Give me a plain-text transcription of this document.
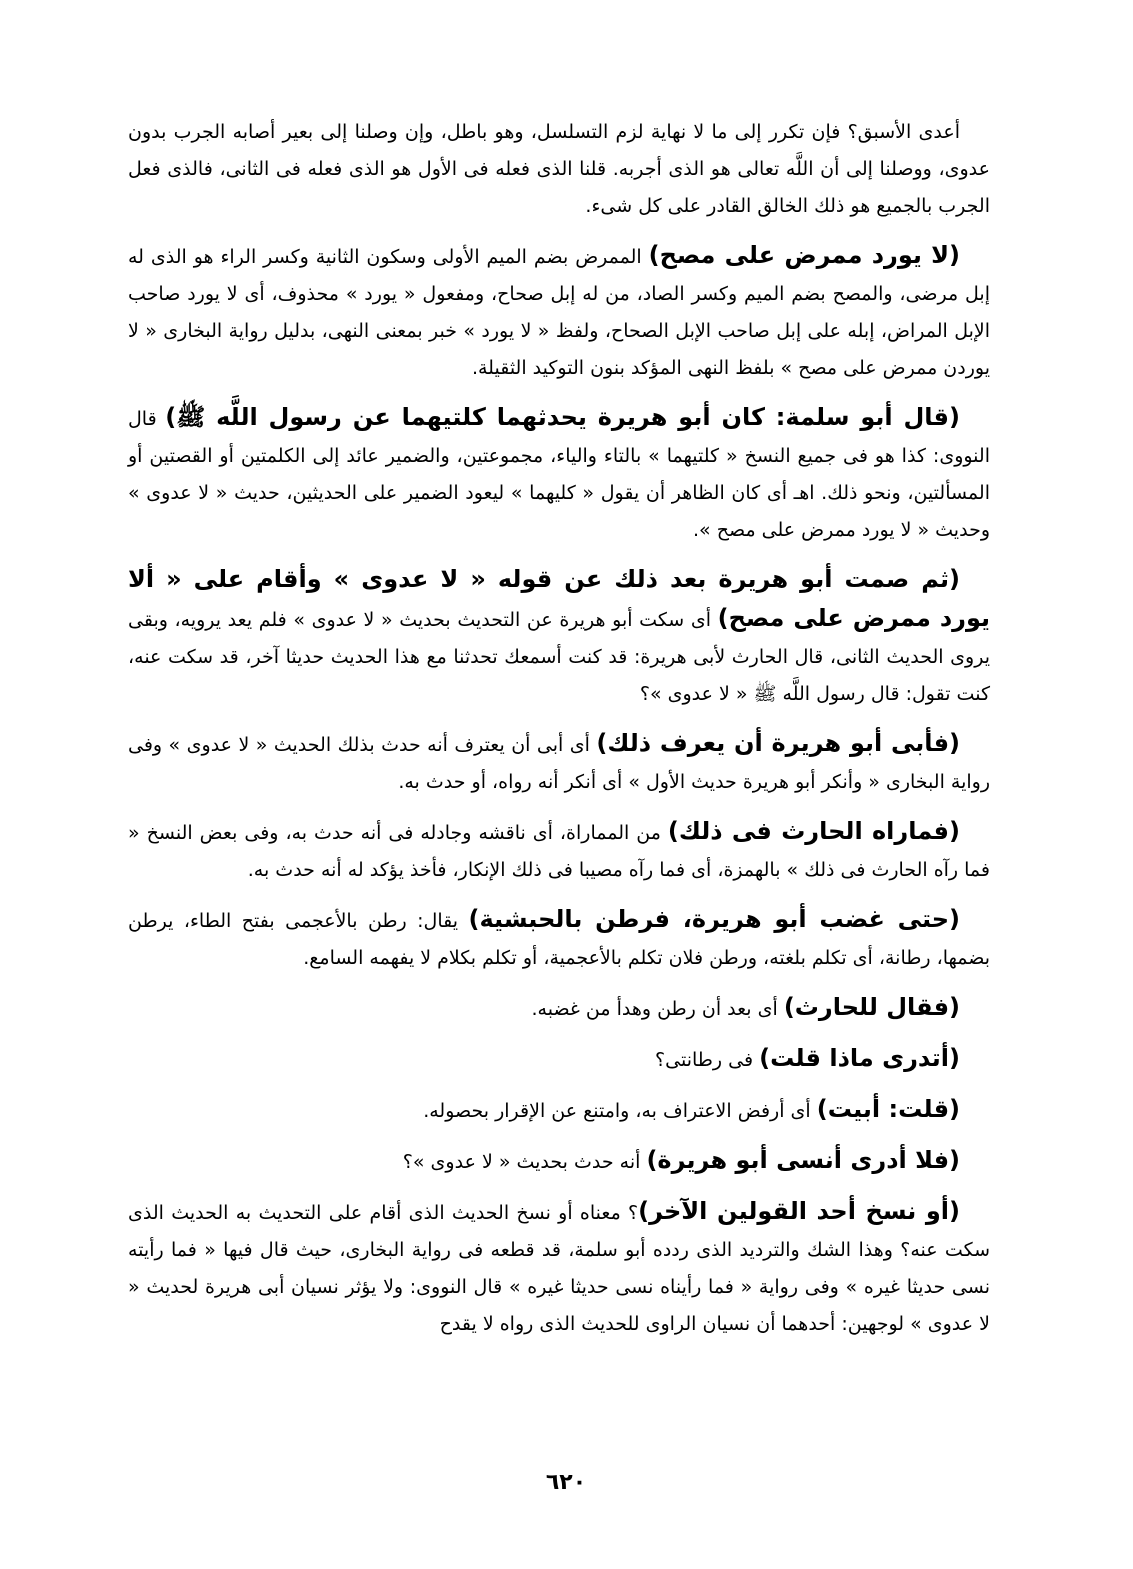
أعدى الأسبق؟ فإن تكرر إلى ما لا نهاية لزم التسلسل، وهو باطل، وإن وصلنا إلى بعير أصابه الجرب بدون عدوى، ووصلنا إلى أن اللَّه تعالى هو الذى أجربه. قلنا الذى فعله فى الأول هو الذى فعله فى الثانى، فالذى فعل الجرب بالجميع هو ذلك الخالق القادر على كل شىء.

(لا يورد ممرض على مصح) الممرض بضم الميم الأولى وسكون الثانية وكسر الراء هو الذى له إبل مرضى، والمصح بضم الميم وكسر الصاد، من له إبل صحاح، ومفعول « يورد » محذوف، أى لا يورد صاحب الإبل المراض، إبله على إبل صاحب الإبل الصحاح، ولفظ « لا يورد » خبر بمعنى النهى، بدليل رواية البخارى « لا يوردن ممرض على مصح » بلفظ النهى المؤكد بنون التوكيد الثقيلة.

(قال أبو سلمة: كان أبو هريرة يحدثهما كلتيهما عن رسول اللَّه ﷺ) قال النووى: كذا هو فى جميع النسخ « كلتيهما » بالتاء والياء، مجموعتين، والضمير عائد إلى الكلمتين أو القصتين أو المسألتين، ونحو ذلك. اهـ أى كان الظاهر أن يقول « كليهما » ليعود الضمير على الحديثين، حديث « لا عدوى » وحديث « لا يورد ممرض على مصح ».

(ثم صمت أبو هريرة بعد ذلك عن قوله « لا عدوى » وأقام على « ألا يورد ممرض على مصح) أى سكت أبو هريرة عن التحديث بحديث « لا عدوى » فلم يعد يرويه، وبقى يروى الحديث الثانى، قال الحارث لأبى هريرة: قد كنت أسمعك تحدثنا مع هذا الحديث حديثا آخر، قد سكت عنه، كنت تقول: قال رسول اللَّه ﷺ « لا عدوى »؟

(فأبى أبو هريرة أن يعرف ذلك) أى أبى أن يعترف أنه حدث بذلك الحديث « لا عدوى » وفى رواية البخارى « وأنكر أبو هريرة حديث الأول » أى أنكر أنه رواه، أو حدث به.

(فماراه الحارث فى ذلك) من المماراة، أى ناقشه وجادله فى أنه حدث به، وفى بعض النسخ « فما رآه الحارث فى ذلك » بالهمزة، أى فما رآه مصيبا فى ذلك الإنكار، فأخذ يؤكد له أنه حدث به.

(حتى غضب أبو هريرة، فرطن بالحبشية) يقال: رطن بالأعجمى بفتح الطاء، يرطن بضمها، رطانة، أى تكلم بلغته، ورطن فلان تكلم بالأعجمية، أو تكلم بكلام لا يفهمه السامع.

(فقال للحارث) أى بعد أن رطن وهدأ من غضبه.

(أتدرى ماذا قلت) فى رطانتى؟

(قلت: أبيت) أى أرفض الاعتراف به، وامتنع عن الإقرار بحصوله.

(فلا أدرى أنسى أبو هريرة) أنه حدث بحديث « لا عدوى »؟

(أو نسخ أحد القولين الآخر)؟ معناه أو نسخ الحديث الذى أقام على التحديث به الحديث الذى سكت عنه؟ وهذا الشك والترديد الذى ردده أبو سلمة، قد قطعه فى رواية البخارى، حيث قال فيها « فما رأيته نسى حديثا غيره » وفى رواية « فما رأيناه نسى حديثا غيره » قال النووى: ولا يؤثر نسيان أبى هريرة لحديث « لا عدوى » لوجهين: أحدهما أن نسيان الراوى للحديث الذى رواه لا يقدح

٦٢٠
